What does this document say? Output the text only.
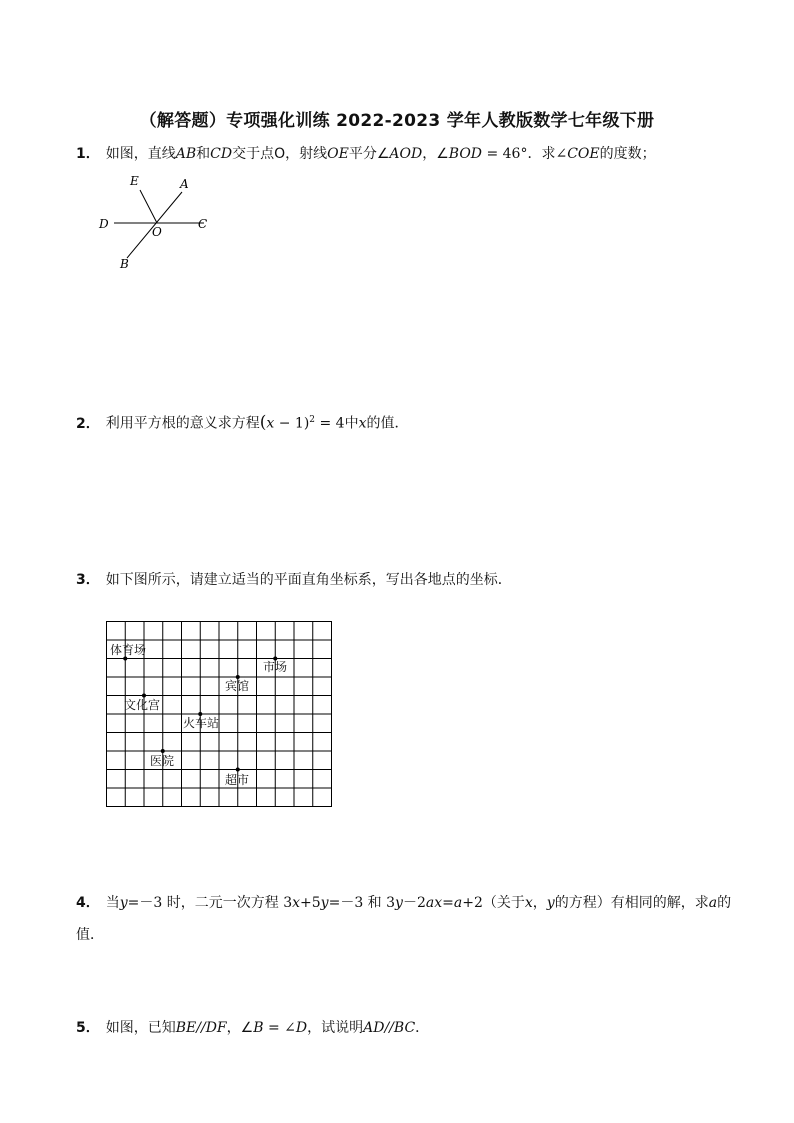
（解答题）专项强化训练 2022-2023 学年人教版数学七年级下册
1． 如图，直线AB和CD交于点O，射线OE平分∠AOD，∠BOD = 46°．求∠COE的度数；
E	A
D
O
C
B
2． 利用平方根的意义求方程$(x - 1)^2 = 4$中x的值．
3． 如下图所示，请建立适当的平面直角坐标系，写出各地点的坐标．
体育场
市场
宾馆
文化宫
火车站
医院
超市
4． 当y=－3 时，二元一次方程 3x+5y=－3 和 3y－2ax=a+2（关于x，y的方程）有相同的解，求a的
值．
5． 如图，已知BE//DF，∠B = ∠D，试说明AD//BC．
